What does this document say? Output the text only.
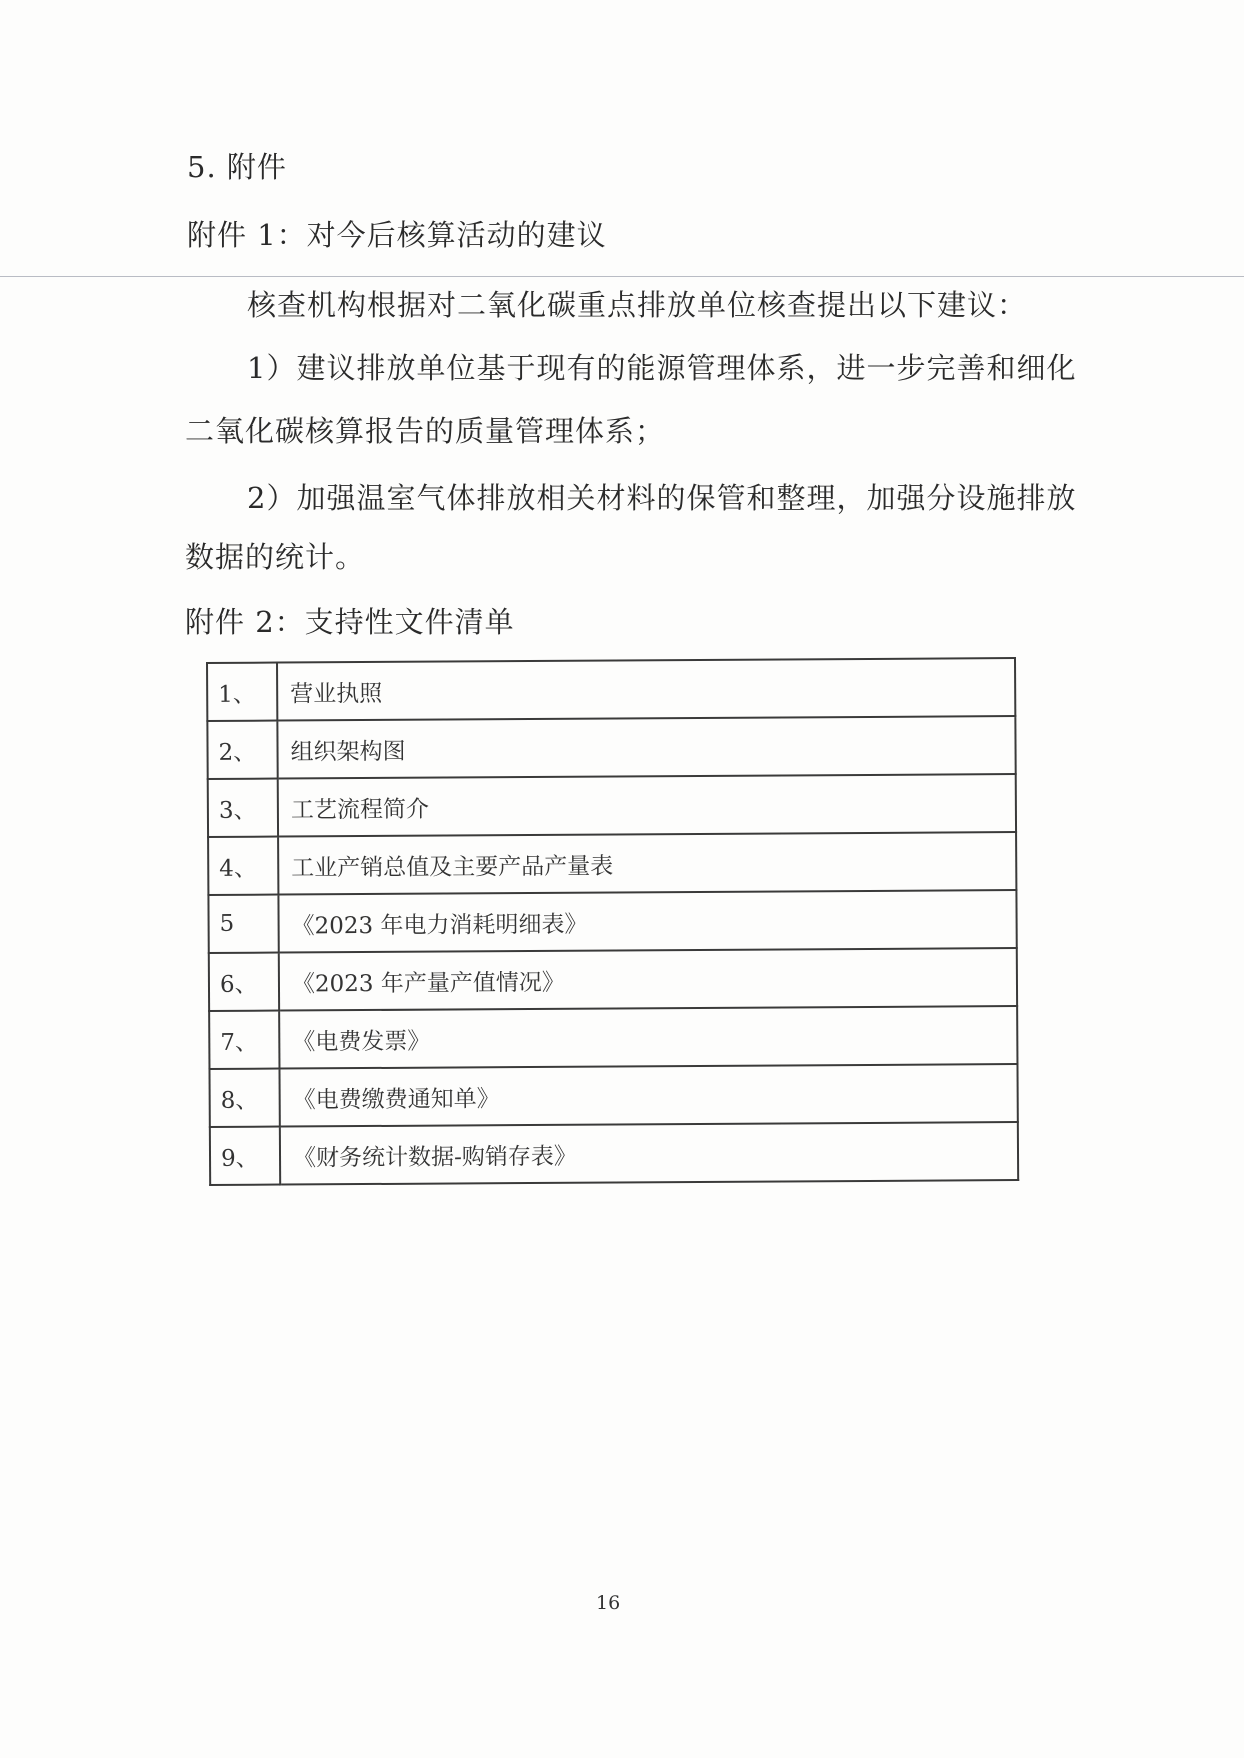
5. 附件
附件 1：对今后核算活动的建议
核查机构根据对二氧化碳重点排放单位核查提出以下建议：
1）建议排放单位基于现有的能源管理体系，进一步完善和细化
二氧化碳核算报告的质量管理体系；
2）加强温室气体排放相关材料的保管和整理，加强分设施排放
数据的统计。
附件 2：支持性文件清单
1、	营业执照
2、	组织架构图
3、	工艺流程简介
4、	工业产销总值及主要产品产量表
5	《2023 年电力消耗明细表》
6、	《2023 年产量产值情况》
7、	《电费发票》
8、	《电费缴费通知单》
9、	《财务统计数据-购销存表》
16
